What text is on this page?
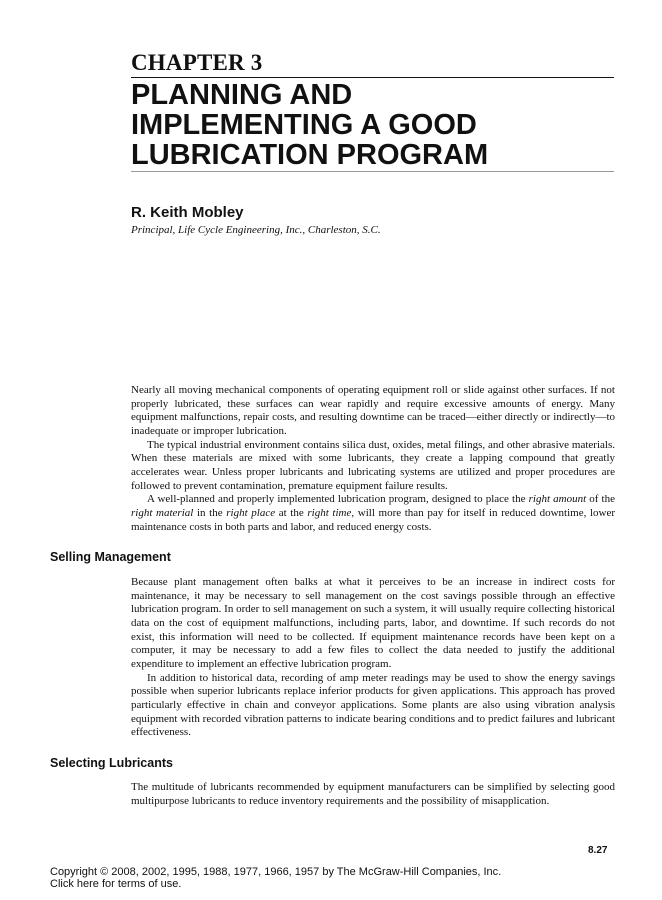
CHAPTER 3
PLANNING AND
IMPLEMENTING A GOOD
LUBRICATION PROGRAM
R. Keith Mobley
Principal, Life Cycle Engineering, Inc., Charleston, S.C.

Nearly all moving mechanical components of operating equipment roll or slide against other surfaces. If not properly lubricated, these surfaces can wear rapidly and require excessive amounts of energy. Many equipment malfunctions, repair costs, and resulting downtime can be traced—either directly or indirectly—to inadequate or improper lubrication.

The typical industrial environment contains silica dust, oxides, metal filings, and other abrasive materials. When these materials are mixed with some lubricants, they create a lapping compound that greatly accelerates wear. Unless proper lubricants and lubricating systems are utilized and proper procedures are followed to prevent contamination, premature equipment failure results.

A well-planned and properly implemented lubrication program, designed to place the right amount of the right material in the right place at the right time, will more than pay for itself in reduced downtime, lower maintenance costs in both parts and labor, and reduced energy costs.

Selling Management

Because plant management often balks at what it perceives to be an increase in indirect costs for maintenance, it may be necessary to sell management on the cost savings possible through an effective lubrication program. In order to sell management on such a system, it will usually require collecting historical data on the cost of equipment malfunctions, including parts, labor, and downtime. If such records do not exist, this information will need to be collected. If equipment maintenance records have been kept on a computer, it may be necessary to add a few files to collect the data needed to justify the additional expenditure to implement an effective lubrication program.

In addition to historical data, recording of amp meter readings may be used to show the energy savings possible when superior lubricants replace inferior products for given applications. This approach has proved particularly effective in chain and conveyor applications. Some plants are also using vibration analysis equipment with recorded vibration patterns to indicate bearing conditions and to predict failures and lubricant effectiveness.

Selecting Lubricants

The multitude of lubricants recommended by equipment manufacturers can be simplified by selecting good multipurpose lubricants to reduce inventory requirements and the possibility of misapplication.

8.27
Copyright © 2008, 2002, 1995, 1988, 1977, 1966, 1957 by The McGraw-Hill Companies, Inc.
Click here for terms of use.
